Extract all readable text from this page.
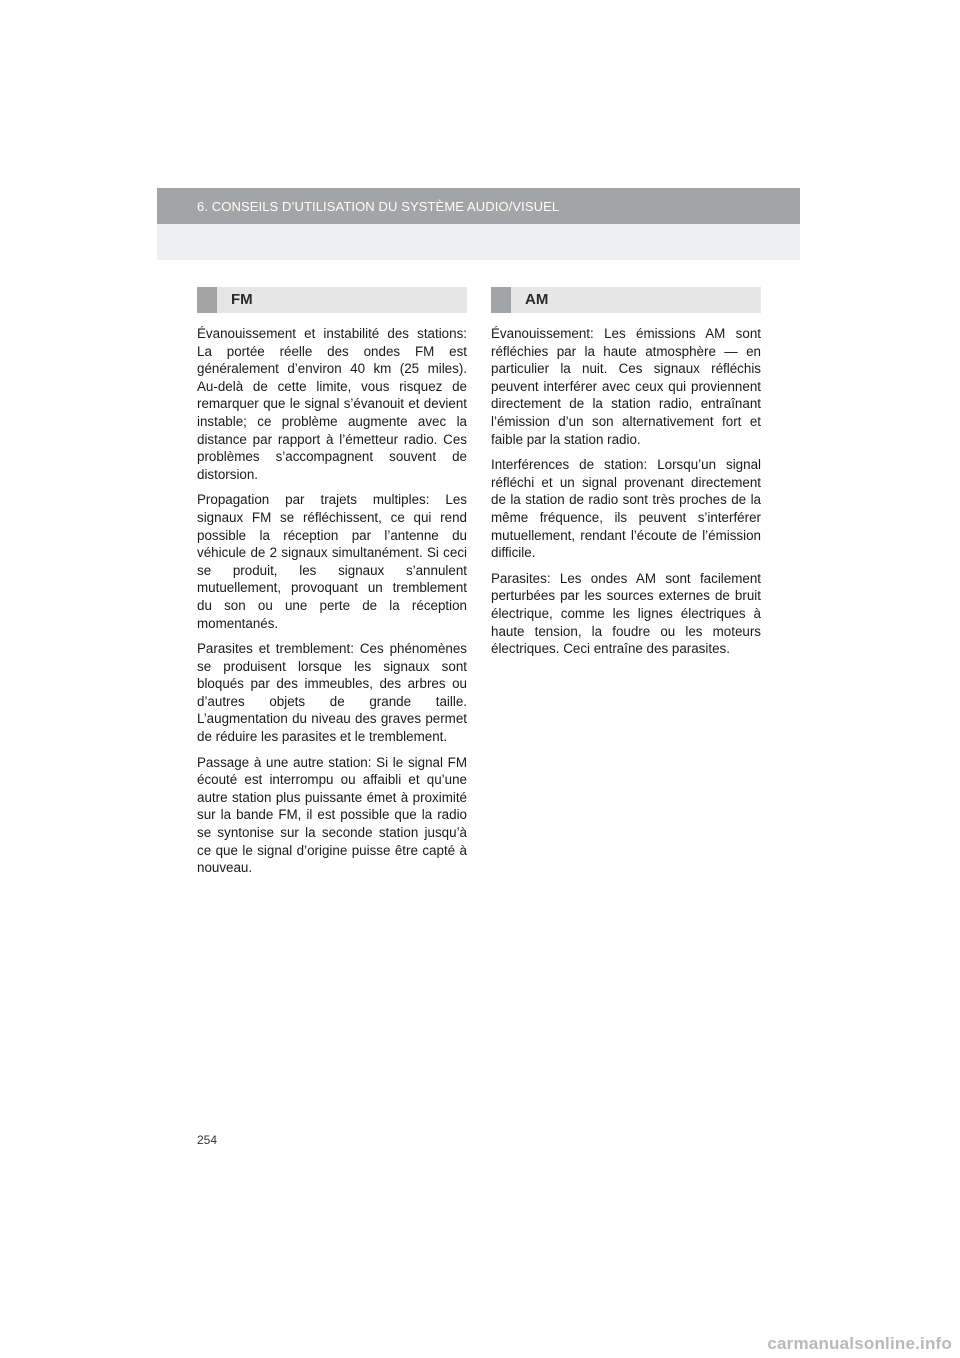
6. CONSEILS D’UTILISATION DU SYSTÈME AUDIO/VISUEL
FM

Évanouissement et instabilité des stations: La portée réelle des ondes FM est généralement d’environ 40 km (25 miles). Au-delà de cette limite, vous risquez de remarquer que le signal s’évanouit et devient instable; ce problème augmente avec la distance par rapport à l’émetteur radio. Ces problèmes s’accompagnent souvent de distorsion.

Propagation par trajets multiples: Les signaux FM se réfléchissent, ce qui rend possible la réception par l’antenne du véhicule de 2 signaux simultanément. Si ceci se produit, les signaux s’annulent mutuellement, provoquant un tremblement du son ou une perte de la réception momentanés.

Parasites et tremblement: Ces phénomènes se produisent lorsque les signaux sont bloqués par des immeubles, des arbres ou d’autres objets de grande taille. L’augmentation du niveau des graves permet de réduire les parasites et le tremblement.

Passage à une autre station: Si le signal FM écouté est interrompu ou affaibli et qu’une autre station plus puissante émet à proximité sur la bande FM, il est possible que la radio se syntonise sur la seconde station jusqu’à ce que le signal d’origine puisse être capté à nouveau.

AM

Évanouissement: Les émissions AM sont réfléchies par la haute atmosphère — en particulier la nuit. Ces signaux réfléchis peuvent interférer avec ceux qui proviennent directement de la station radio, entraînant l’émission d’un son alternativement fort et faible par la station radio.

Interférences de station: Lorsqu’un signal réfléchi et un signal provenant directement de la station de radio sont très proches de la même fréquence, ils peuvent s’interférer mutuellement, rendant l’écoute de l’émission difficile.

Parasites: Les ondes AM sont facilement perturbées par les sources externes de bruit électrique, comme les lignes électriques à haute tension, la foudre ou les moteurs électriques. Ceci entraîne des parasites.

254
carmanualsonline.info
